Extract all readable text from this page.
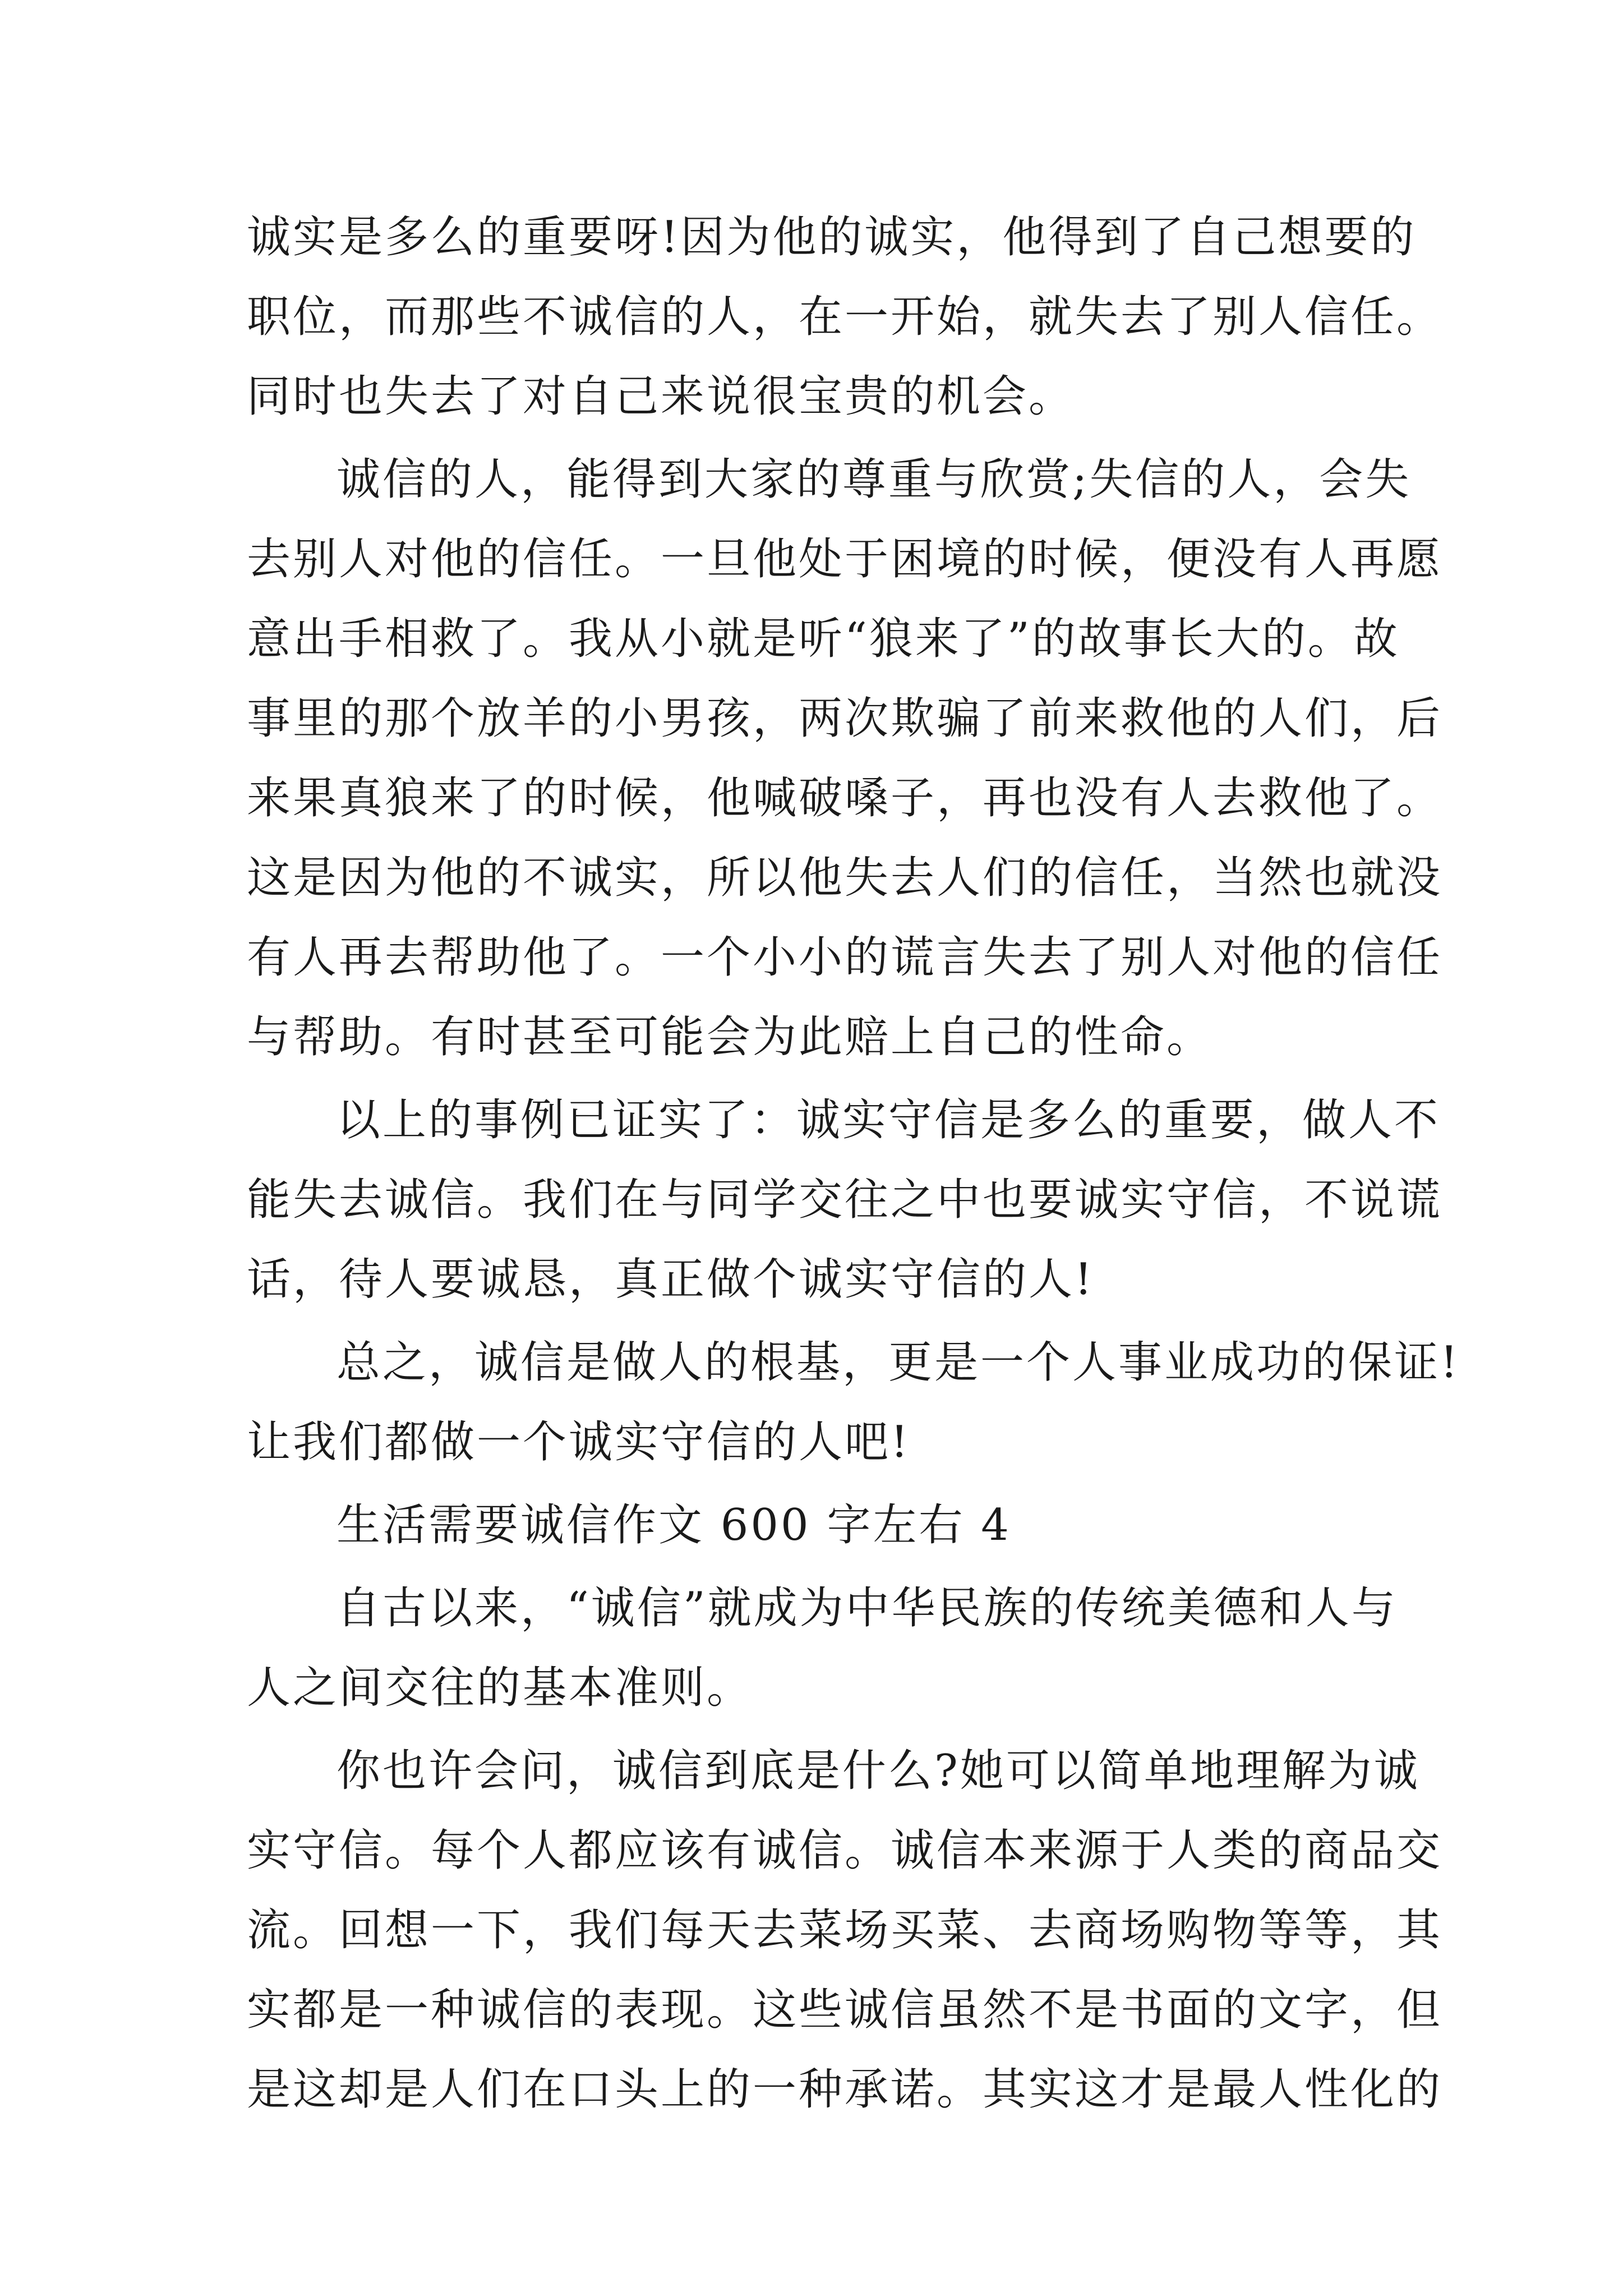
诚实是多么的重要呀!因为他的诚实，他得到了自己想要的
职位，而那些不诚信的人，在一开始，就失去了别人信任。
同时也失去了对自己来说很宝贵的机会。
诚信的人，能得到大家的尊重与欣赏;失信的人，会失
去别人对他的信任。一旦他处于困境的时候，便没有人再愿
意出手相救了。我从小就是听“狼来了”的故事长大的。故
事里的那个放羊的小男孩，两次欺骗了前来救他的人们，后
来果真狼来了的时候，他喊破嗓子，再也没有人去救他了。
这是因为他的不诚实，所以他失去人们的信任，当然也就没
有人再去帮助他了。一个小小的谎言失去了别人对他的信任
与帮助。有时甚至可能会为此赔上自己的性命。
以上的事例已证实了：诚实守信是多么的重要，做人不
能失去诚信。我们在与同学交往之中也要诚实守信，不说谎
话，待人要诚恳，真正做个诚实守信的人!
总之，诚信是做人的根基，更是一个人事业成功的保证!
让我们都做一个诚实守信的人吧!
生活需要诚信作文 600 字左右 4
自古以来，“诚信”就成为中华民族的传统美德和人与
人之间交往的基本准则。
你也许会问，诚信到底是什么?她可以简单地理解为诚
实守信。每个人都应该有诚信。诚信本来源于人类的商品交
流。回想一下，我们每天去菜场买菜、去商场购物等等，其
实都是一种诚信的表现。这些诚信虽然不是书面的文字，但
是这却是人们在口头上的一种承诺。其实这才是最人性化的
